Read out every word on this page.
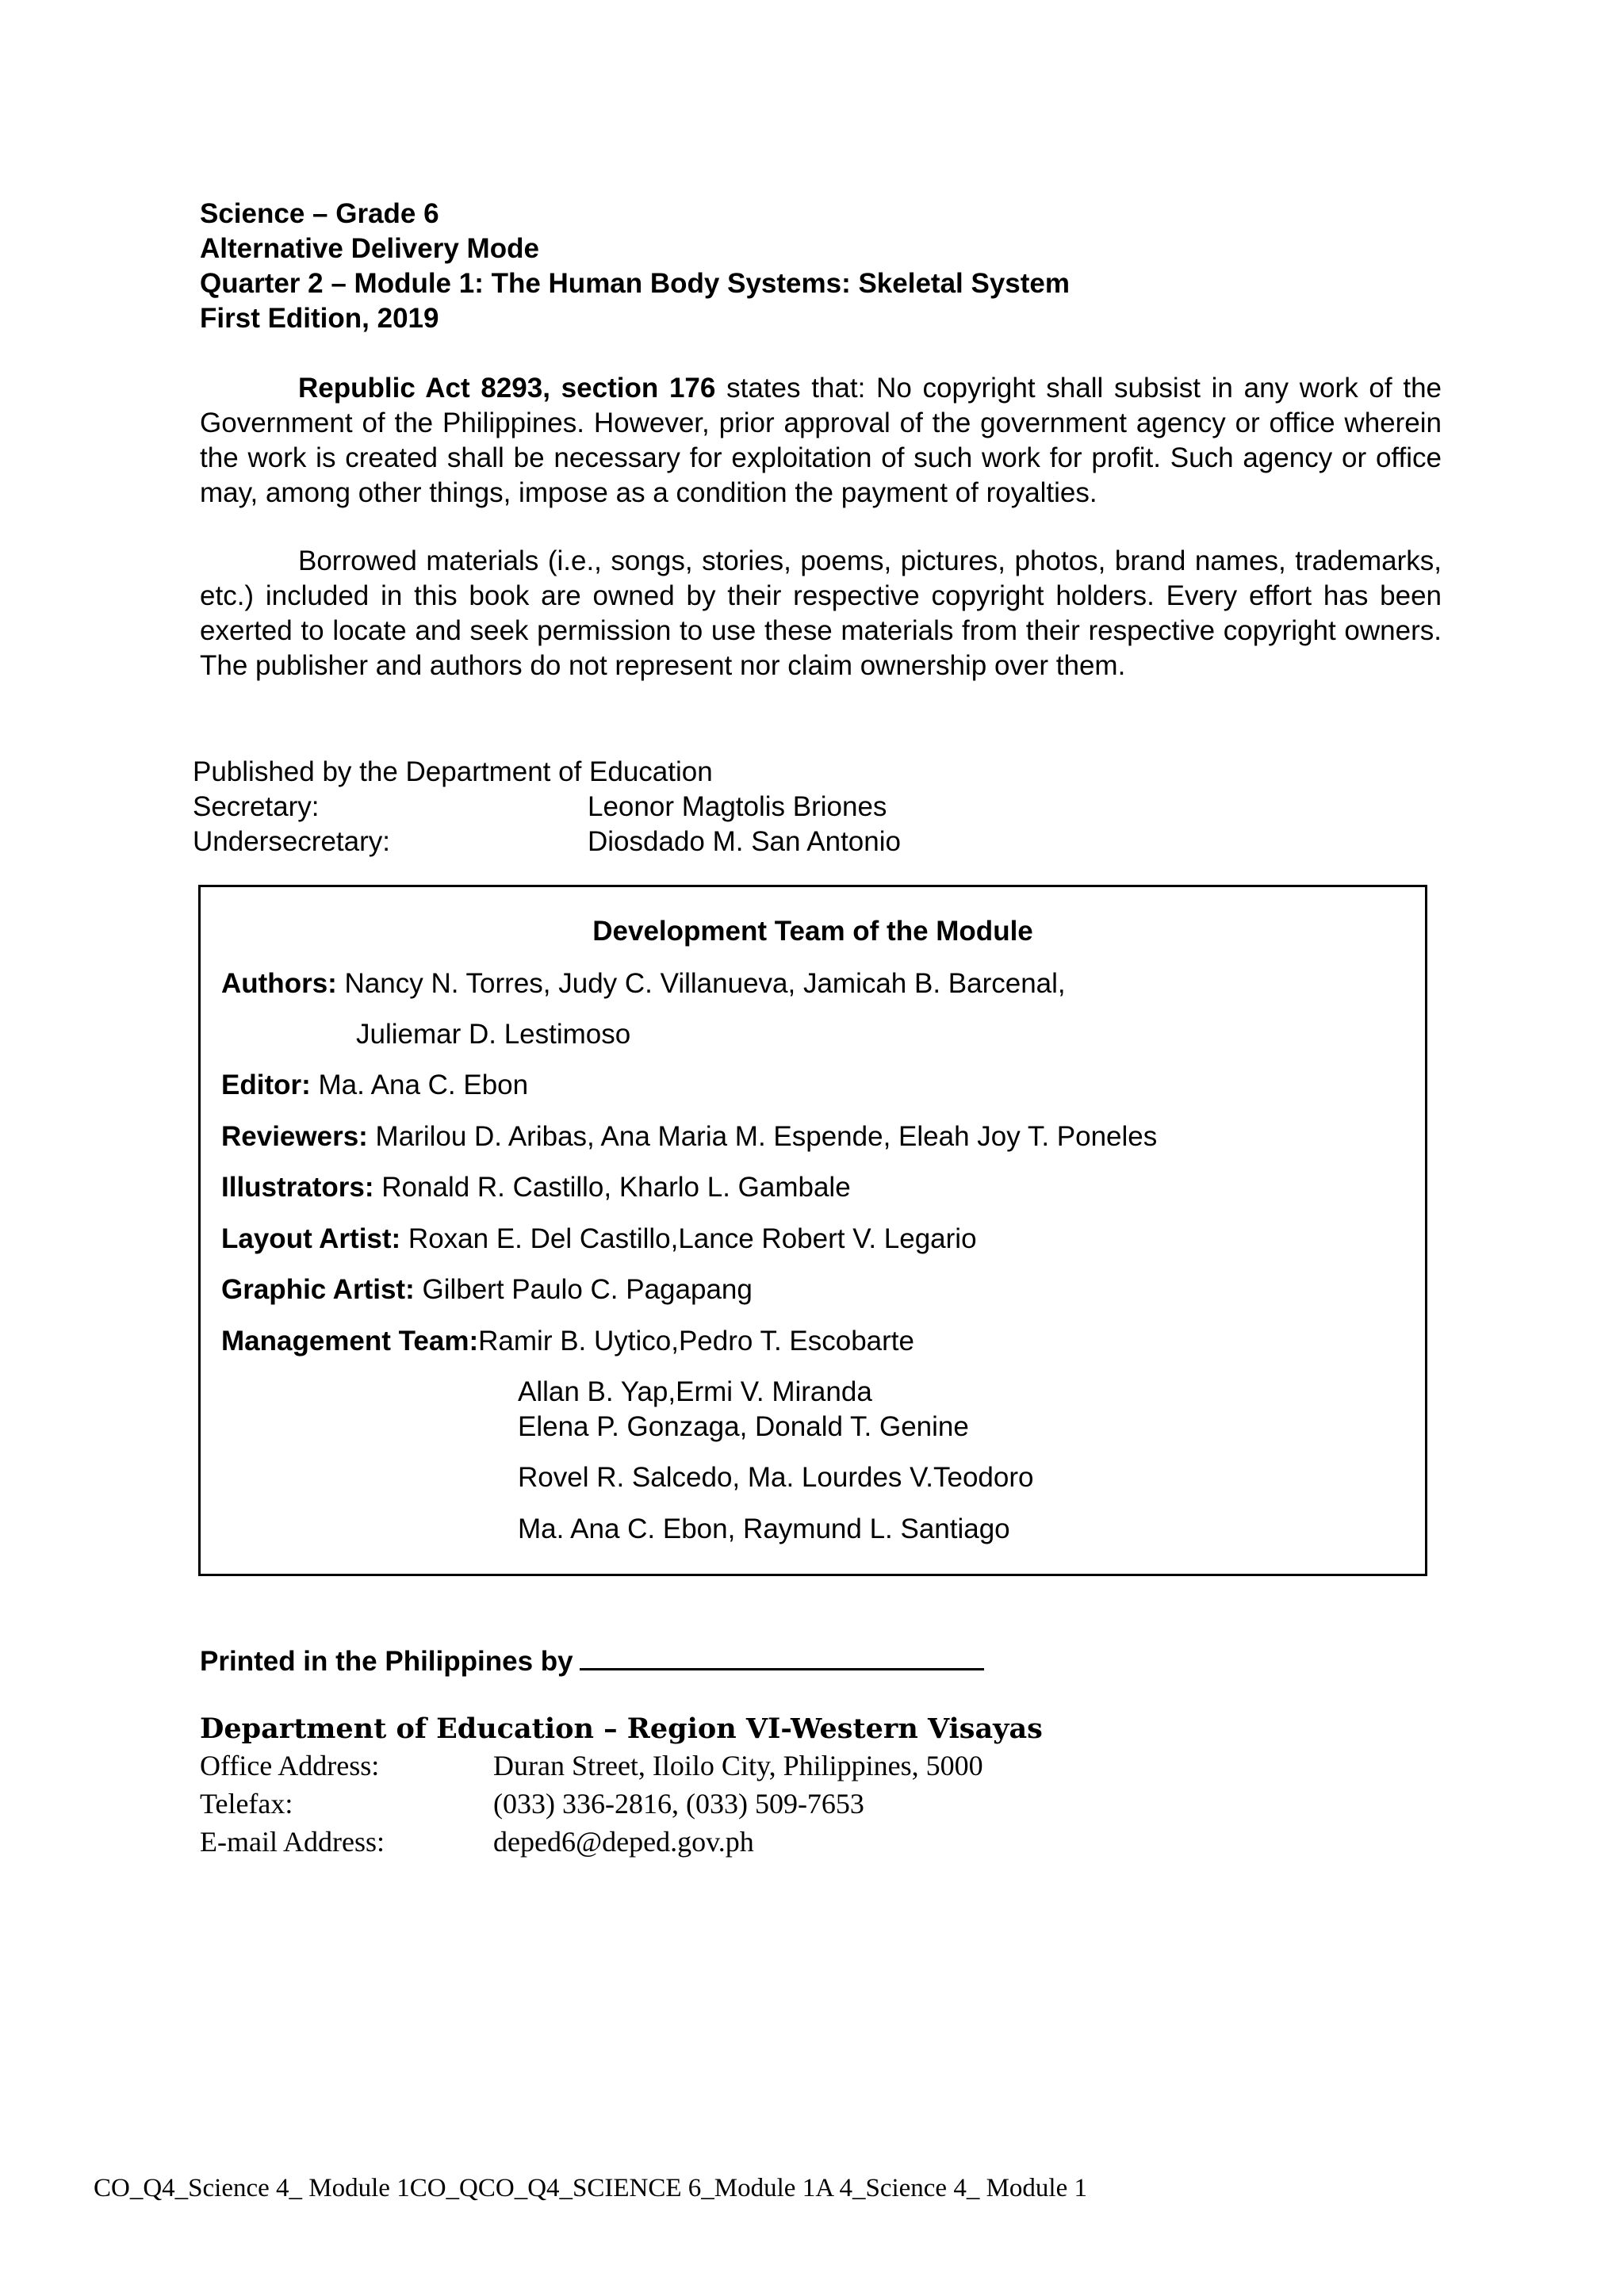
Science – Grade 6
Alternative Delivery Mode
Quarter 2 – Module 1: The Human Body Systems: Skeletal System
First Edition, 2019
Republic Act 8293, section 176 states that: No copyright shall subsist in any work of the Government of the Philippines. However, prior approval of the government agency or office wherein the work is created shall be necessary for exploitation of such work for profit. Such agency or office may, among other things, impose as a condition the payment of royalties.
Borrowed materials (i.e., songs, stories, poems, pictures, photos, brand names, trademarks, etc.) included in this book are owned by their respective copyright holders. Every effort has been exerted to locate and seek permission to use these materials from their respective copyright owners. The publisher and authors do not represent nor claim ownership over them.
Published by the Department of Education
Secretary:	Leonor Magtolis Briones
Undersecretary:	Diosdado M. San Antonio
Development Team of the Module
Authors: Nancy N. Torres, Judy C. Villanueva, Jamicah B. Barcenal,
Juliemar D. Lestimoso
Editor: Ma. Ana C. Ebon
Reviewers: Marilou D. Aribas, Ana Maria M. Espende, Eleah Joy T. Poneles
Illustrators: Ronald R. Castillo, Kharlo L. Gambale
Layout Artist: Roxan E. Del Castillo,Lance Robert V. Legario
Graphic Artist: Gilbert Paulo C. Pagapang
Management Team:Ramir B. Uytico,Pedro T. Escobarte
Allan B. Yap,Ermi V. Miranda
Elena P. Gonzaga, Donald T. Genine
Rovel R. Salcedo, Ma. Lourdes V.Teodoro
Ma. Ana C. Ebon, Raymund L. Santiago
Printed in the Philippines by
Department of Education – Region VI-Western Visayas
Office Address:	Duran Street, Iloilo City, Philippines, 5000
Telefax:	(033) 336-2816, (033) 509-7653
E-mail Address:	deped6@deped.gov.ph
CO_Q4_Science 4_ Module 1CO_QCO_Q4_SCIENCE 6_Module 1A 4_Science 4_ Module 1
